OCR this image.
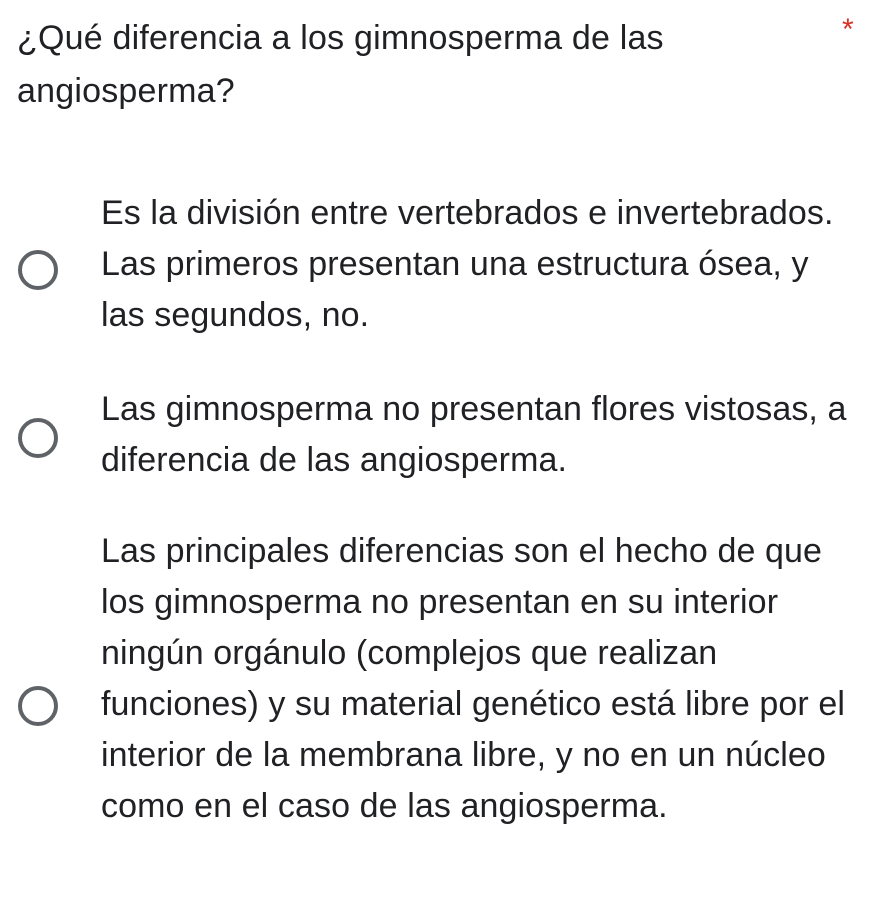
¿Qué diferencia a los gimnosperma de las angiosperma?
*
Es la división entre vertebrados e invertebrados. Las primeros presentan una estructura ósea, y las segundos, no.
Las gimnosperma no presentan flores vistosas, a diferencia de las angiosperma.
Las principales diferencias son el hecho de que los gimnosperma no presentan en su interior ningún orgánulo (complejos que realizan funciones) y su material genético está libre por el interior de la membrana libre, y no en un núcleo como en el caso de las angiosperma.
